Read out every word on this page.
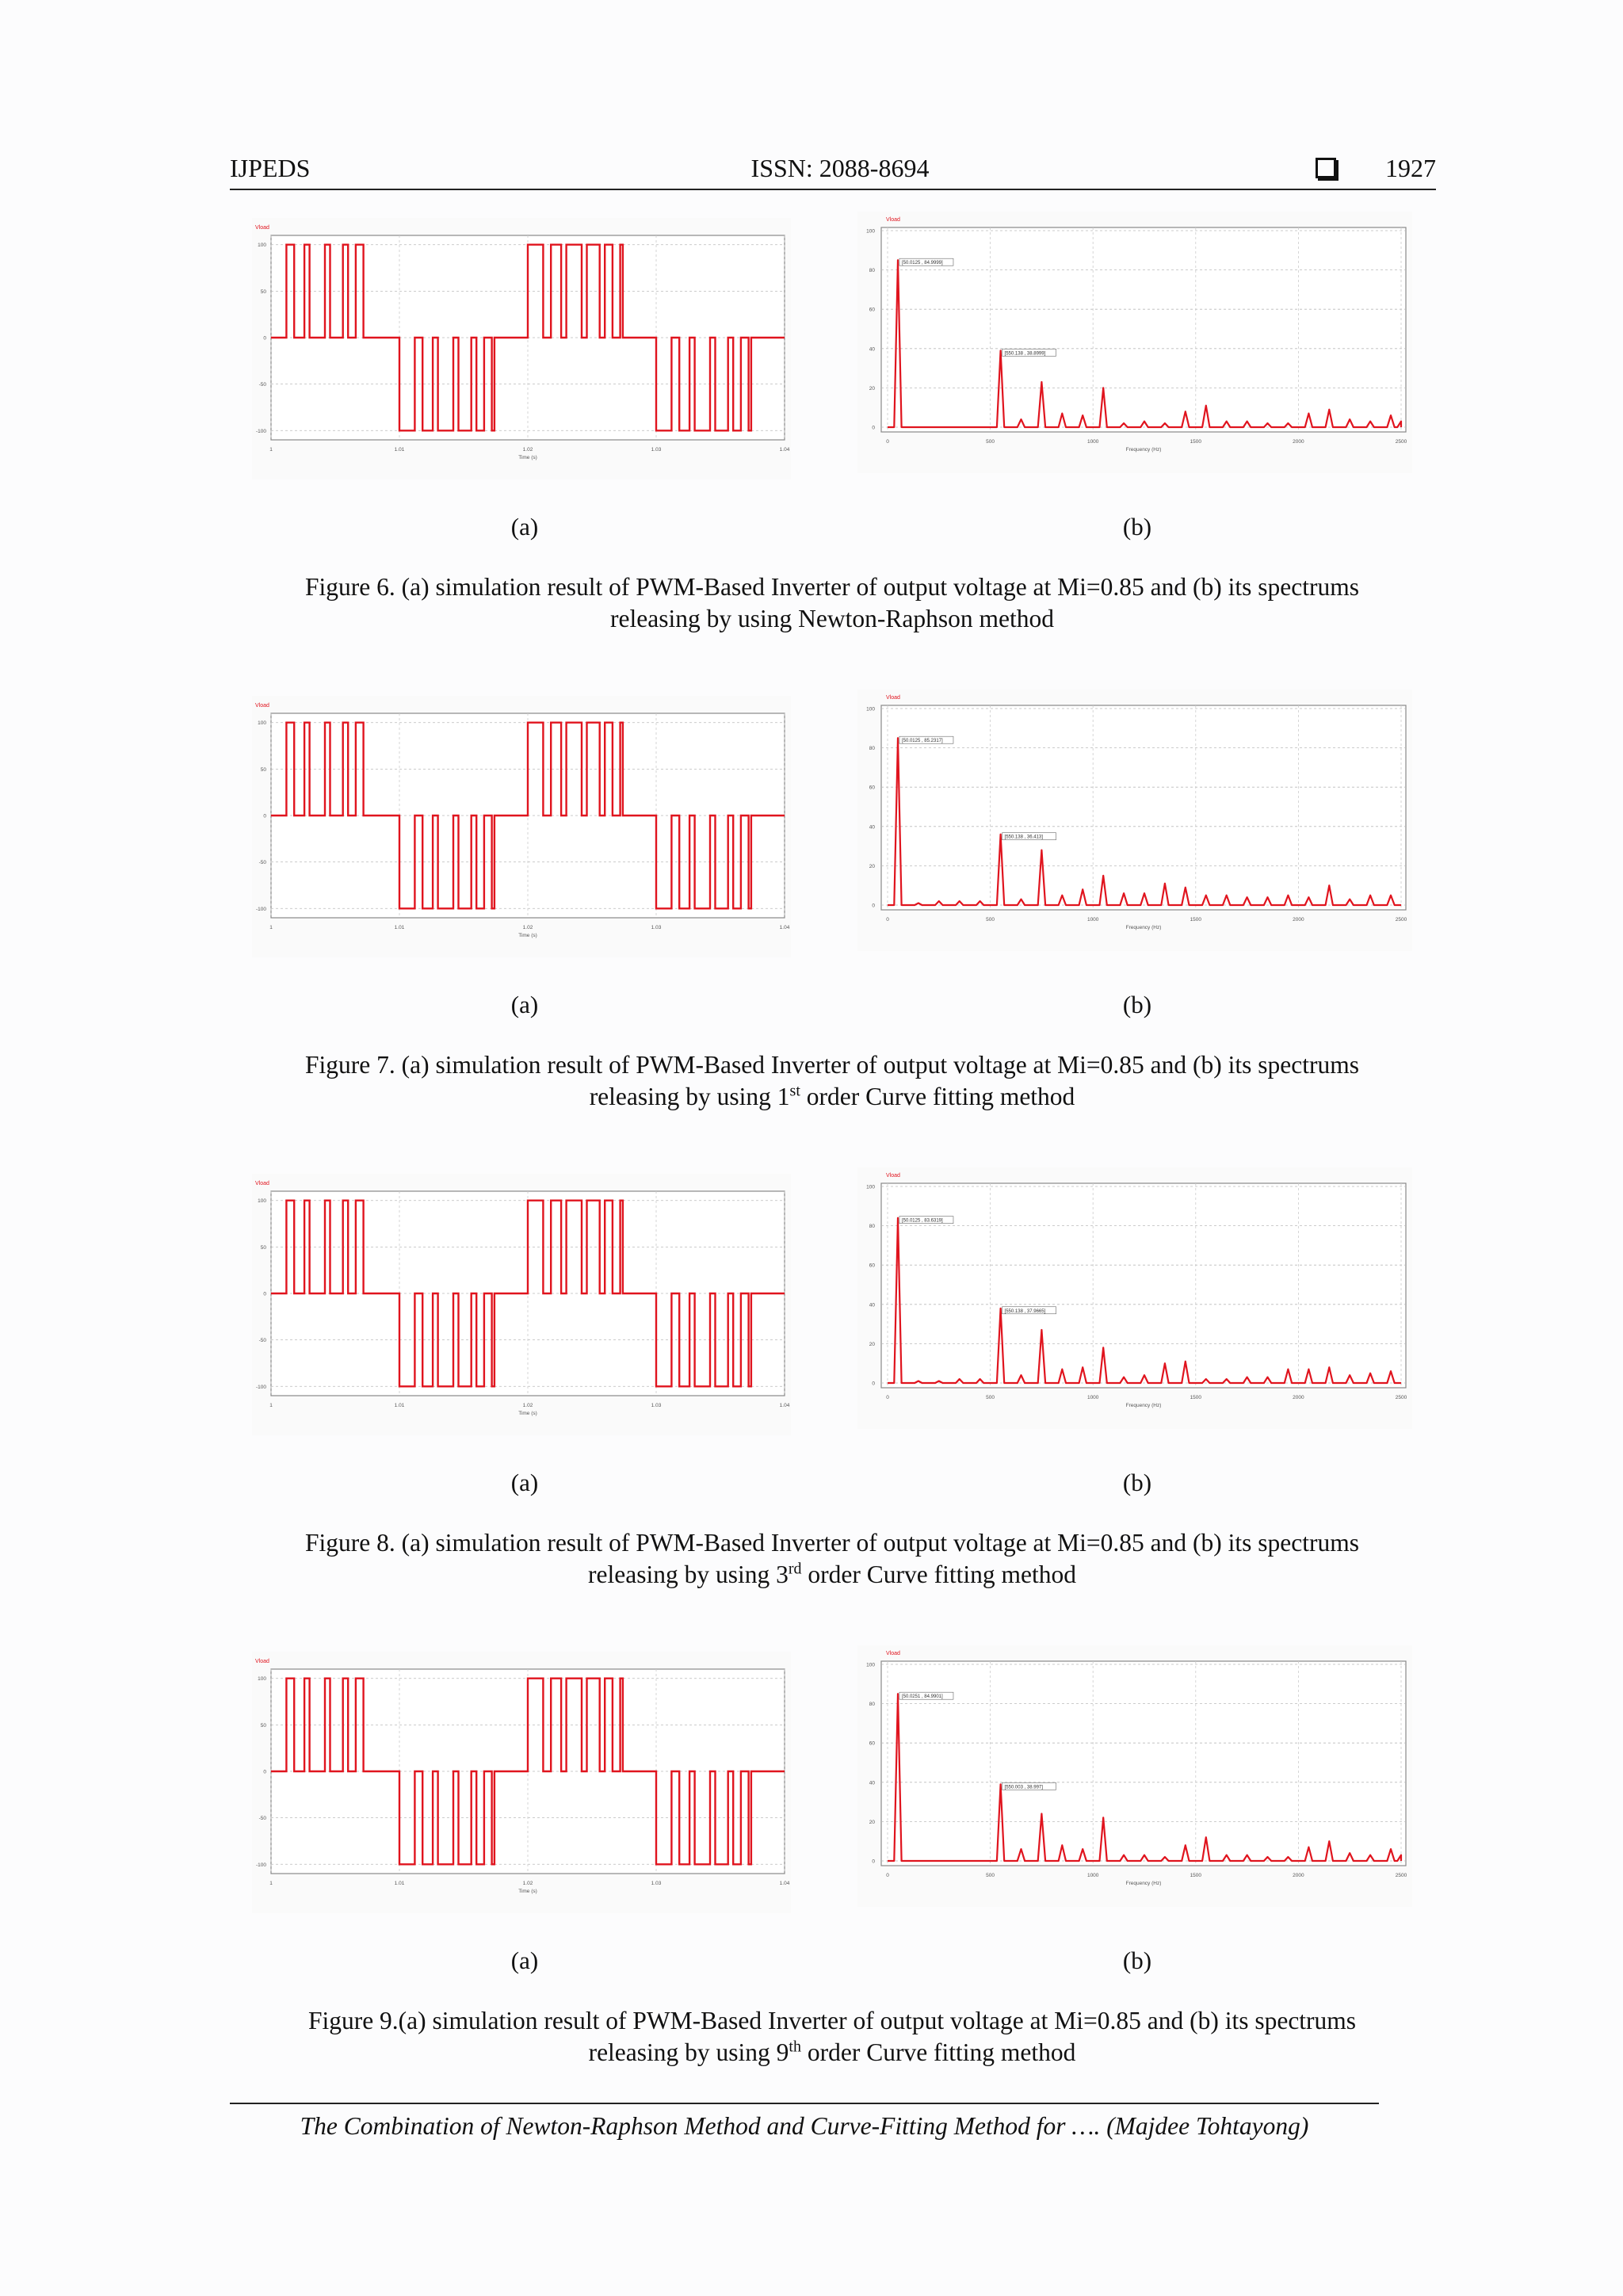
IJPEDS	ISSN: 2088-8694	1927
Vload
100
50
0
-50
-100
1	1.01	1.02	1.03	1.04
Time (s)
Vload
0
20
40
60
80
100
0	500	1000	1500	2000	2500
Frequency (Hz)
[50.0125 , 84.9999]
[550.138 , 38.8999]
(a)	(b)
Figure 6. (a) simulation result of PWM-Based Inverter of output voltage at Mi=0.85 and (b) its spectrums
releasing by using Newton-Raphson method
Vload
100
50
0
-50
-100
1	1.01	1.02	1.03	1.04
Time (s)
Vload
0
20
40
60
80
100
0	500	1000	1500	2000	2500
Frequency (Hz)
[50.0125 , 85.2317]
[550.138 , 36.413]
(a)	(b)
Figure 7. (a) simulation result of PWM-Based Inverter of output voltage at Mi=0.85 and (b) its spectrums
releasing by using 1st order Curve fitting method
Vload
100
50
0
-50
-100
1	1.01	1.02	1.03	1.04
Time (s)
Vload
0
20
40
60
80
100
0	500	1000	1500	2000	2500
Frequency (Hz)
[50.0125 , 83.6319]
[550.138 , 37.9665]
(a)	(b)
Figure 8. (a) simulation result of PWM-Based Inverter of output voltage at Mi=0.85 and (b) its spectrums
releasing by using 3rd order Curve fitting method
Vload
100
50
0
-50
-100
1	1.01	1.02	1.03	1.04
Time (s)
Vload
0
20
40
60
80
100
0	500	1000	1500	2000	2500
Frequency (Hz)
[50.0251 , 84.9901]
[550.003 , 38.997]
(a)	(b)
Figure 9.(a) simulation result of PWM-Based Inverter of output voltage at Mi=0.85 and (b) its spectrums
releasing by using 9th order Curve fitting method
The Combination of Newton-Raphson Method and Curve-Fitting Method for …. (Majdee Tohtayong)
